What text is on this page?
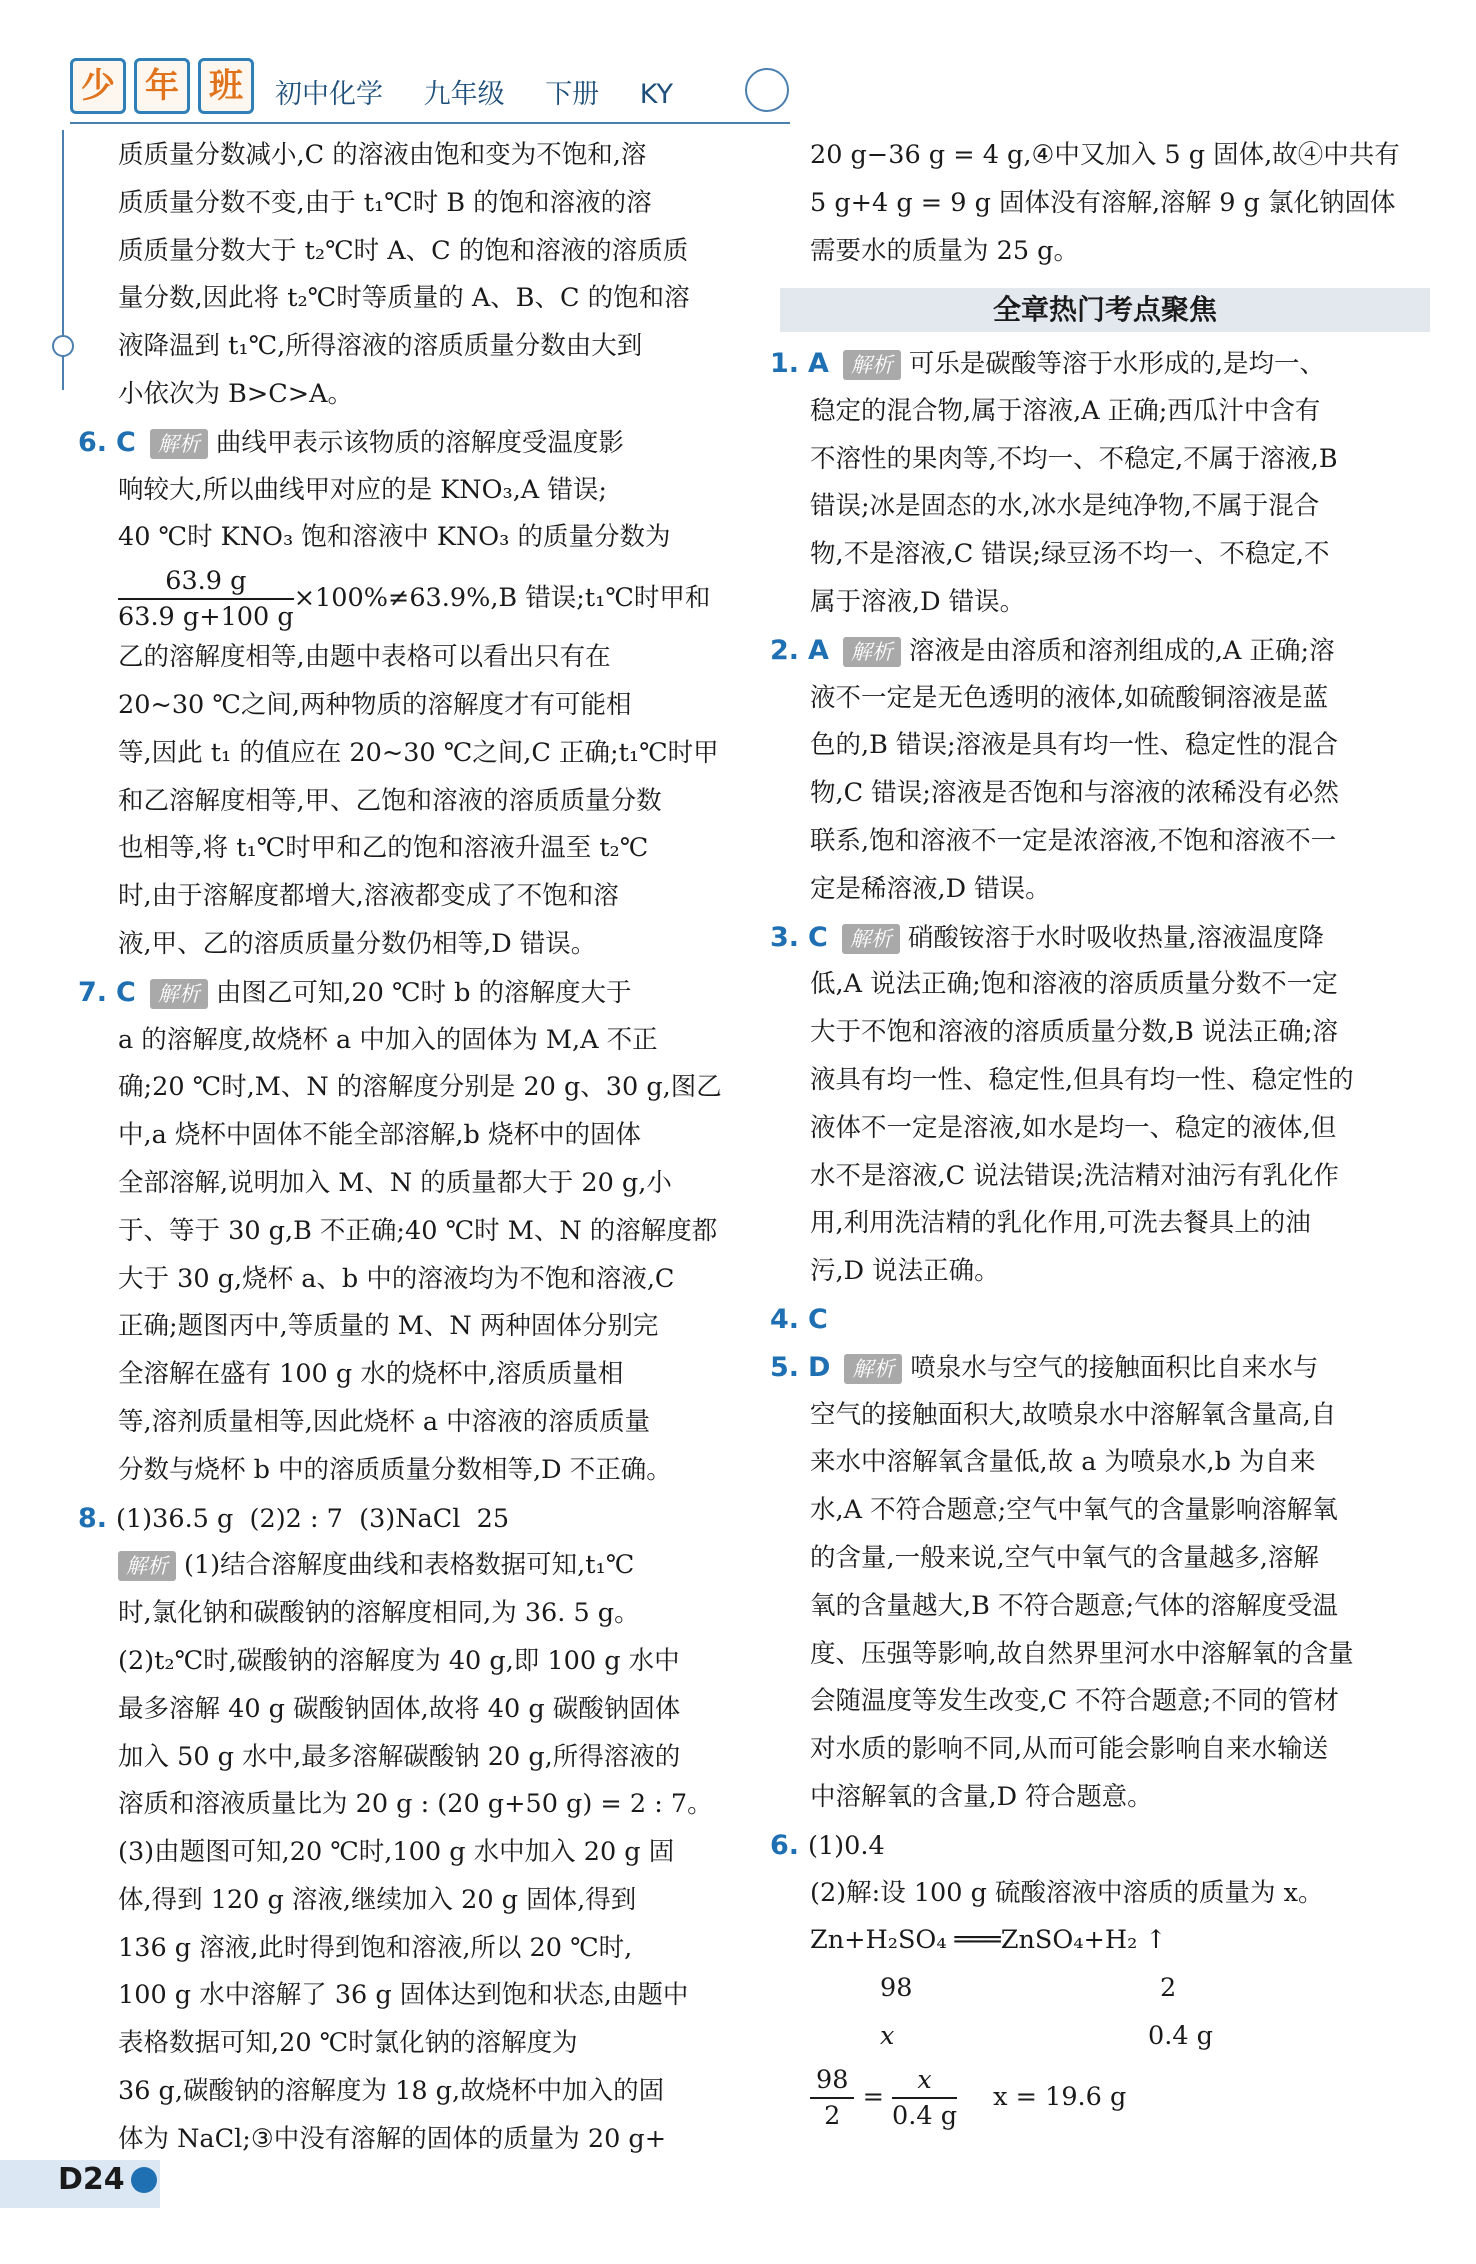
少 年 班	初中化学 九年级 下册 KY
质质量分数减小,C 的溶液由饱和变为不饱和,溶
质质量分数不变,由于 t₁℃时 B 的饱和溶液的溶
质质量分数大于 t₂℃时 A、C 的饱和溶液的溶质质
量分数,因此将 t₂℃时等质量的 A、B、C 的饱和溶
液降温到 t₁℃,所得溶液的溶质质量分数由大到
小依次为 B>C>A。
6. C 解析 曲线甲表示该物质的溶解度受温度影
响较大,所以曲线甲对应的是 KNO₃,A 错误;
40 ℃时 KNO₃ 饱和溶液中 KNO₃ 的质量分数为
$\frac{63.9 g}{63.9 g+100 g} \times 100\%\ne 63.9\%,B$ 错误;t₁℃时甲和
乙的溶解度相等,由题中表格可以看出只有在
20~30 ℃之间,两种物质的溶解度才有可能相
等,因此 t₁ 的值应在 20~30 ℃之间,C 正确;t₁℃时甲
和乙溶解度相等,甲、乙饱和溶液的溶质质量分数
也相等,将 t₁℃时甲和乙的饱和溶液升温至 t₂℃
时,由于溶解度都增大,溶液都变成了不饱和溶
液,甲、乙的溶质质量分数仍相等,D 错误。
7. C 解析 由图乙可知,20 ℃时 b 的溶解度大于
a 的溶解度,故烧杯 a 中加入的固体为 M,A 不正
确;20 ℃时,M、N 的溶解度分别是 20 g、30 g,图乙
中,a 烧杯中固体不能全部溶解,b 烧杯中的固体
全部溶解,说明加入 M、N 的质量都大于 20 g,小
于、等于 30 g,B 不正确;40 ℃时 M、N 的溶解度都
大于 30 g,烧杯 a、b 中的溶液均为不饱和溶液,C
正确;题图丙中,等质量的 M、N 两种固体分别完
全溶解在盛有 100 g 水的烧杯中,溶质质量相
等,溶剂质量相等,因此烧杯 a 中溶液的溶质质量
分数与烧杯 b 中的溶质质量分数相等,D 不正确。
8. (1)36.5 g  (2)2 : 7  (3)NaCl  25
解析 (1)结合溶解度曲线和表格数据可知,t₁℃
时,氯化钠和碳酸钠的溶解度相同,为 36. 5 g。
(2)t₂℃时,碳酸钠的溶解度为 40 g,即 100 g 水中
最多溶解 40 g 碳酸钠固体,故将 40 g 碳酸钠固体
加入 50 g 水中,最多溶解碳酸钠 20 g,所得溶液的
溶质和溶液质量比为 20 g : (20 g+50 g) = 2 : 7。
(3)由题图可知,20 ℃时,100 g 水中加入 20 g 固
体,得到 120 g 溶液,继续加入 20 g 固体,得到
136 g 溶液,此时得到饱和溶液,所以 20 ℃时,
100 g 水中溶解了 36 g 固体达到饱和状态,由题中
表格数据可知,20 ℃时氯化钠的溶解度为
36 g,碳酸钠的溶解度为 18 g,故烧杯中加入的固
体为 NaCl;③中没有溶解的固体的质量为 20 g+
20 g−36 g = 4 g,④中又加入 5 g 固体,故④中共有
5 g+4 g = 9 g 固体没有溶解,溶解 9 g 氯化钠固体
需要水的质量为 25 g。
全章热门考点聚焦
1. A 解析 可乐是碳酸等溶于水形成的,是均一、
稳定的混合物,属于溶液,A 正确;西瓜汁中含有
不溶性的果肉等,不均一、不稳定,不属于溶液,B
错误;冰是固态的水,冰水是纯净物,不属于混合
物,不是溶液,C 错误;绿豆汤不均一、不稳定,不
属于溶液,D 错误。
2. A 解析 溶液是由溶质和溶剂组成的,A 正确;溶
液不一定是无色透明的液体,如硫酸铜溶液是蓝
色的,B 错误;溶液是具有均一性、稳定性的混合
物,C 错误;溶液是否饱和与溶液的浓稀没有必然
联系,饱和溶液不一定是浓溶液,不饱和溶液不一
定是稀溶液,D 错误。
3. C 解析 硝酸铵溶于水时吸收热量,溶液温度降
低,A 说法正确;饱和溶液的溶质质量分数不一定
大于不饱和溶液的溶质质量分数,B 说法正确;溶
液具有均一性、稳定性,但具有均一性、稳定性的
液体不一定是溶液,如水是均一、稳定的液体,但
水不是溶液,C 说法错误;洗洁精对油污有乳化作
用,利用洗洁精的乳化作用,可洗去餐具上的油
污,D 说法正确。
4. C
5. D 解析 喷泉水与空气的接触面积比自来水与
空气的接触面积大,故喷泉水中溶解氧含量高,自
来水中溶解氧含量低,故 a 为喷泉水,b 为自来
水,A 不符合题意;空气中氧气的含量影响溶解氧
的含量,一般来说,空气中氧气的含量越多,溶解
氧的含量越大,B 不符合题意;气体的溶解度受温
度、压强等影响,故自然界里河水中溶解氧的含量
会随温度等发生改变,C 不符合题意;不同的管材
对水质的影响不同,从而可能会影响自来水输送
中溶解氧的含量,D 符合题意。
6. (1)0.4
(2)解:设 100 g 硫酸溶液中溶质的质量为 x。
Zn+H₂SO₄ ═══ZnSO₄+H₂ ↑
98	2
x	0.4 g
$\frac{98}{2} = \frac{x}{0.4 g}$ x = 19.6 g
D24
